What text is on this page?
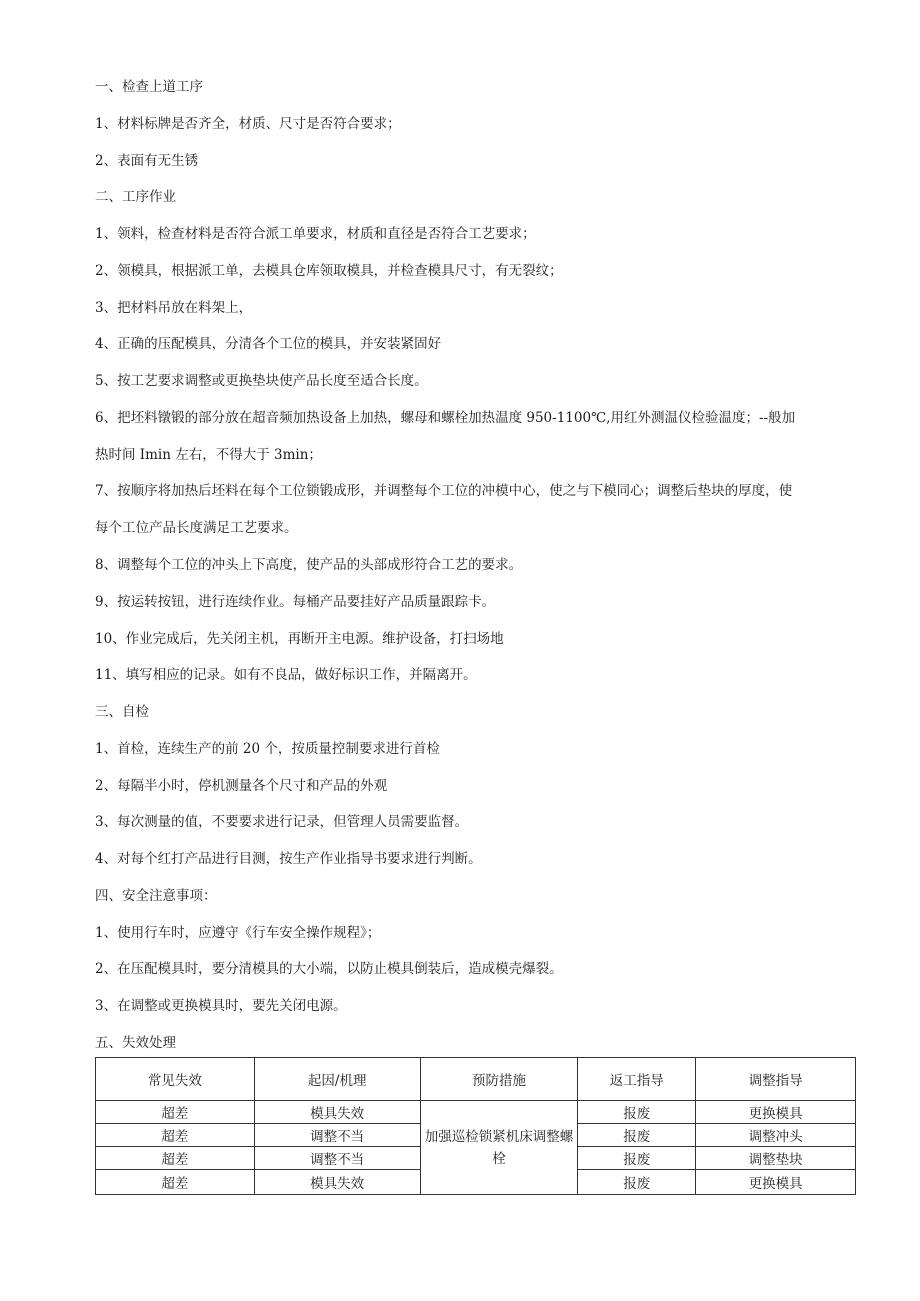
一、检查上道工序
1、材料标牌是否齐全，材质、尺寸是否符合要求；
2、表面有无生锈
二、工序作业
1、领料，检查材料是否符合派工单要求，材质和直径是否符合工艺要求；
2、领模具，根据派工单，去模具仓库领取模具，并检查模具尺寸，有无裂纹；
3、把材料吊放在料架上，
4、正确的压配模具，分清各个工位的模具，并安装紧固好
5、按工艺要求调整或更换垫块使产品长度至适合长度。
6、把坯料镦锻的部分放在超音频加热设备上加热，螺母和螺栓加热温度 950-1100℃,用红外测温仪检验温度；--般加
热时间 Imin 左右，不得大于 3min；
7、按顺序将加热后坯料在每个工位锁锻成形，并调整每个工位的冲模中心，使之与下模同心；调整后垫块的厚度，使
每个工位产品长度满足工艺要求。
8、调整每个工位的冲头上下高度，使产品的头部成形符合工艺的要求。
9、按运转按钮，进行连续作业。每桶产品要挂好产品质量跟踪卡。
10、作业完成后，先关闭主机，再断开主电源。维护设备，打扫场地
11、填写相应的记录。如有不良品，做好标识工作，并隔离开。
三、自检
1、首检，连续生产的前 20 个，按质量控制要求进行首检
2、每隔半小时，停机测量各个尺寸和产品的外观
3、每次测量的值，不要要求进行记录，但管理人员需要监督。
4、对每个红打产品进行目测，按生产作业指导书要求进行判断。
四、安全注意事项：
1、使用行车时，应遵守《行车安全操作规程》；
2、在压配模具时，要分清模具的大小端，以防止模具倒装后，造成模壳爆裂。
3、在调整或更换模具时，要先关闭电源。
五、失效处理
常见失效	起因/机理	预防措施	返工指导	调整指导
超差	模具失效	加强巡检锁紧机床调整螺栓	报废	更换模具
超差	调整不当		报废	调整冲头
超差	调整不当		报废	调整垫块
超差	模具失效		报废	更换模具
